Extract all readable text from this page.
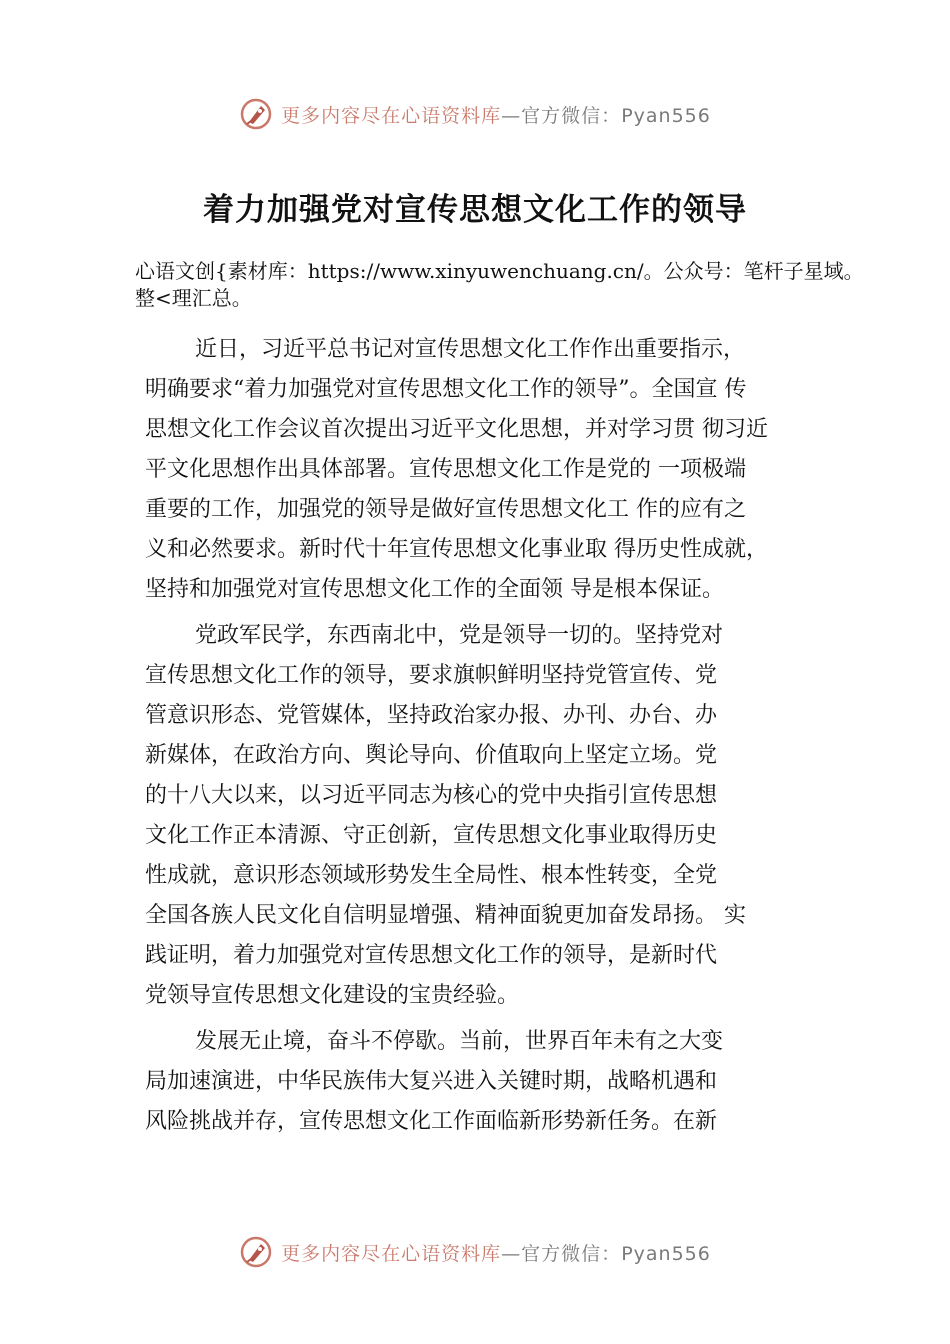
更多内容尽在心语资料库—官方微信：Pyan556
着力加强党对宣传思想文化工作的领导

心语文创{素材库：https://www.xinyuwenchuang.cn/。公众号：笔杆子星域。整<理汇总。

近日，习近平总书记对宣传思想文化工作作出重要指示，
明确要求“着力加强党对宣传思想文化工作的领导”。全国宣 传
思想文化工作会议首次提出习近平文化思想，并对学习贯 彻习近
平文化思想作出具体部署。宣传思想文化工作是党的 一项极端
重要的工作，加强党的领导是做好宣传思想文化工 作的应有之
义和必然要求。新时代十年宣传思想文化事业取 得历史性成就，
坚持和加强党对宣传思想文化工作的全面领 导是根本保证。
党政军民学，东西南北中，党是领导一切的。坚持党对
宣传思想文化工作的领导，要求旗帜鲜明坚持党管宣传、党
管意识形态、党管媒体，坚持政治家办报、办刊、办台、办
新媒体，在政治方向、舆论导向、价值取向上坚定立场。党
的十八大以来，以习近平同志为核心的党中央指引宣传思想
文化工作正本清源、守正创新，宣传思想文化事业取得历史
性成就，意识形态领域形势发生全局性、根本性转变，全党
全国各族人民文化自信明显增强、精神面貌更加奋发昂扬。 实
践证明，着力加强党对宣传思想文化工作的领导，是新时代
党领导宣传思想文化建设的宝贵经验。
发展无止境，奋斗不停歇。当前，世界百年未有之大变
局加速演进，中华民族伟大复兴进入关键时期，战略机遇和
风险挑战并存，宣传思想文化工作面临新形势新任务。在新
更多内容尽在心语资料库—官方微信：Pyan556
